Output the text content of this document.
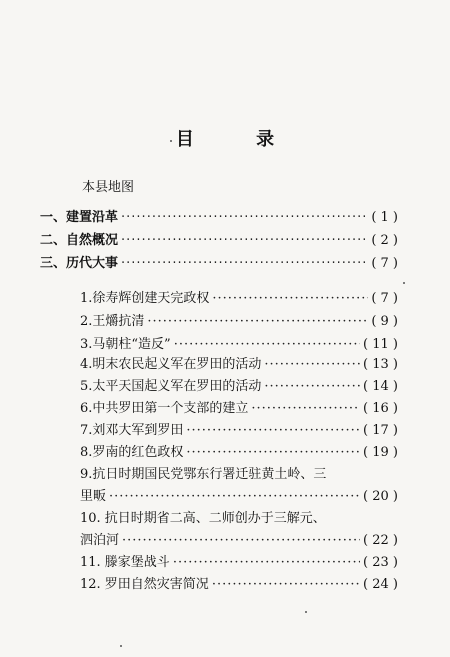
目 录
本县地图
一、 建置沿革 ·····	( 1 )
二、 自然概况 ·····	( 2 )
三、 历代大事 ·····	( 7 )
1.徐寿辉创建天完政权 ·····	( 7 )
2.王爝抗清 ·····	( 9 )
3.马朝柱“造反” ·····	( 11 )
4.明末农民起义军在罗田的活动 ·····	( 13 )
5.太平天国起义军在罗田的活动 ·····	( 14 )
6.中共罗田第一个支部的建立 ·····	( 16 )
7.刘邓大军到罗田 ·····	( 17 )
8.罗南的红色政权 ·····	( 19 )
9.抗日时期国民党鄂东行署迁驻黄土岭、三
里畈 ·····	( 20 )
10. 抗日时期省二高、二师创办于三解元、
泗泊河 ·····	( 22 )
11. 滕家堡战斗 ·····	( 23 )
12. 罗田自然灾害简况 ·····	( 24 )
